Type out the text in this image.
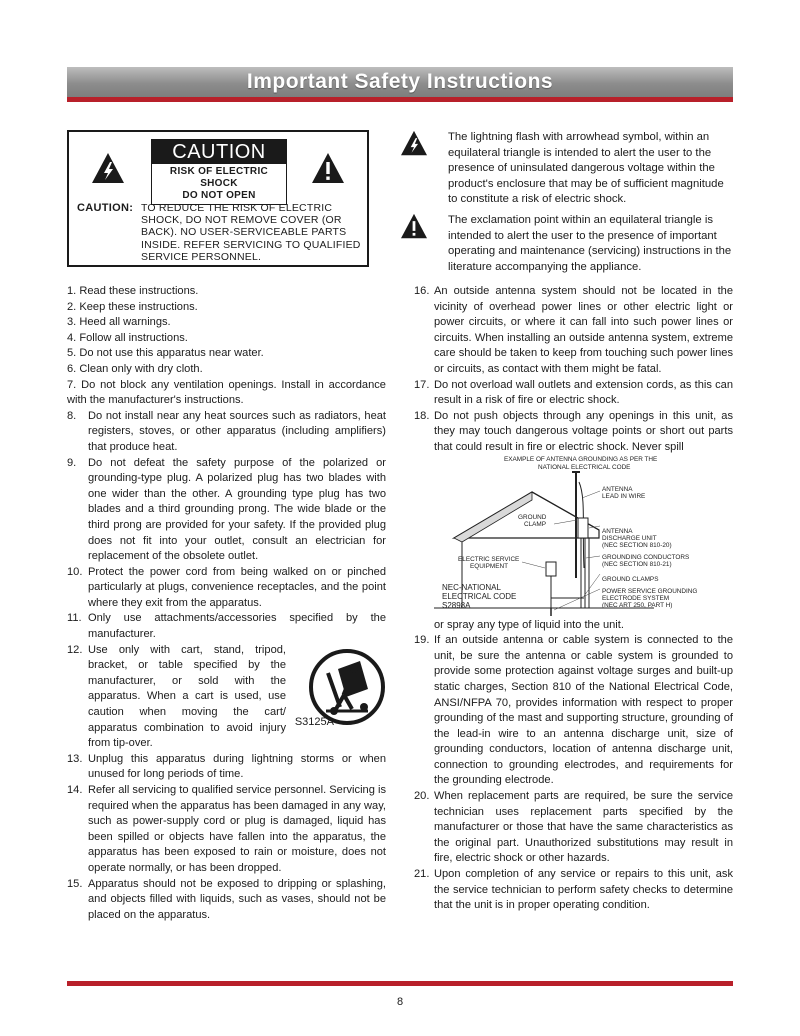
Important Safety Instructions
CAUTION
RISK OF ELECTRIC SHOCK
DO NOT OPEN
CAUTION: TO REDUCE THE RISK OF ELECTRIC SHOCK, DO NOT REMOVE COVER (OR BACK). NO USER-SERVICEABLE PARTS INSIDE. REFER SERVICING TO QUALIFIED SERVICE PERSONNEL.
The lightning flash with arrowhead symbol, within an equilateral triangle is intended to alert the user to the presence of uninsulated dangerous voltage within the product's enclosure that may be of sufficient magnitude to constitute a risk of electric shock.
The exclamation point within an equilateral triangle is intended to alert the user to the presence of important operating and maintenance (servicing) instructions in the literature accompanying the appliance.
1. Read these instructions.
2. Keep these instructions.
3. Heed all warnings.
4. Follow all instructions.
5. Do not use this apparatus near water.
6. Clean only with dry cloth.
7. Do not block any ventilation openings. Install in accordance with the manufacturer's instructions.
8. Do not install near any heat sources such as radiators, heat registers, stoves, or other apparatus (including amplifiers) that produce heat.
9. Do not defeat the safety purpose of the polarized or grounding-type plug. A polarized plug has two blades with one wider than the other. A grounding type plug has two blades and a third grounding prong. The wide blade or the third prong are provided for your safety. If the provided plug does not fit into your outlet, consult an electrician for replacement of the obsolete outlet.
10. Protect the power cord from being walked on or pinched particularly at plugs, convenience receptacles, and the point where they exit from the apparatus.
11. Only use attachments/accessories specified by the manufacturer.
12. Use only with cart, stand, tripod, bracket, or table specified by the manufacturer, or sold with the apparatus. When a cart is used, use caution when moving the cart/ apparatus combination to avoid injury from tip-over.
S3125A
13. Unplug this apparatus during lightning storms or when unused for long periods of time.
14. Refer all servicing to qualified service personnel. Servicing is required when the apparatus has been damaged in any way, such as power-supply cord or plug is damaged, liquid has been spilled or objects have fallen into the apparatus, the apparatus has been exposed to rain or moisture, does not operate normally, or has been dropped.
15. Apparatus should not be exposed to dripping or splashing, and objects filled with liquids, such as vases, should not be placed on the apparatus.
16. An outside antenna system should not be located in the vicinity of overhead power lines or other electric light or power circuits, or where it can fall into such power lines or circuits. When installing an outside antenna system, extreme care should be taken to keep from touching such power lines or circuits, as contact with them might be fatal.
17. Do not overload wall outlets and extension cords, as this can result in a risk of fire or electric shock.
18. Do not push objects through any openings in this unit, as they may touch dangerous voltage points or short out parts that could result in fire or electric shock. Never spill
EXAMPLE OF ANTENNA GROUNDING AS PER THE
NATIONAL ELECTRICAL CODE
ANTENNA
LEAD IN WIRE
GROUND
CLAMP
ANTENNA
DISCHARGE UNIT
(NEC SECTION 810-20)
ELECTRIC SERVICE
EQUIPMENT
GROUNDING CONDUCTORS
(NEC SECTION 810-21)
GROUND CLAMPS
NEC-NATIONAL
ELECTRICAL CODE
S2898A
POWER SERVICE GROUNDING
ELECTRODE SYSTEM
(NEC ART 250, PART H)
or spray any type of liquid into the unit.
19. If an outside antenna or cable system is connected to the unit, be sure the antenna or cable system is grounded to provide some protection against voltage surges and built-up static charges, Section 810 of the National Electrical Code, ANSI/NFPA 70, provides information with respect to proper grounding of the mast and supporting structure, grounding of the lead-in wire to an antenna discharge unit, size of grounding conductors, location of antenna discharge unit, connection to grounding electrodes, and requirements for the grounding electrode.
20. When replacement parts are required, be sure the service technician uses replacement parts specified by the manufacturer or those that have the same characteristics as the original part. Unauthorized substitutions may result in fire, electric shock or other hazards.
21. Upon completion of any service or repairs to this unit, ask the service technician to perform safety checks to determine that the unit is in proper operating condition.
8
